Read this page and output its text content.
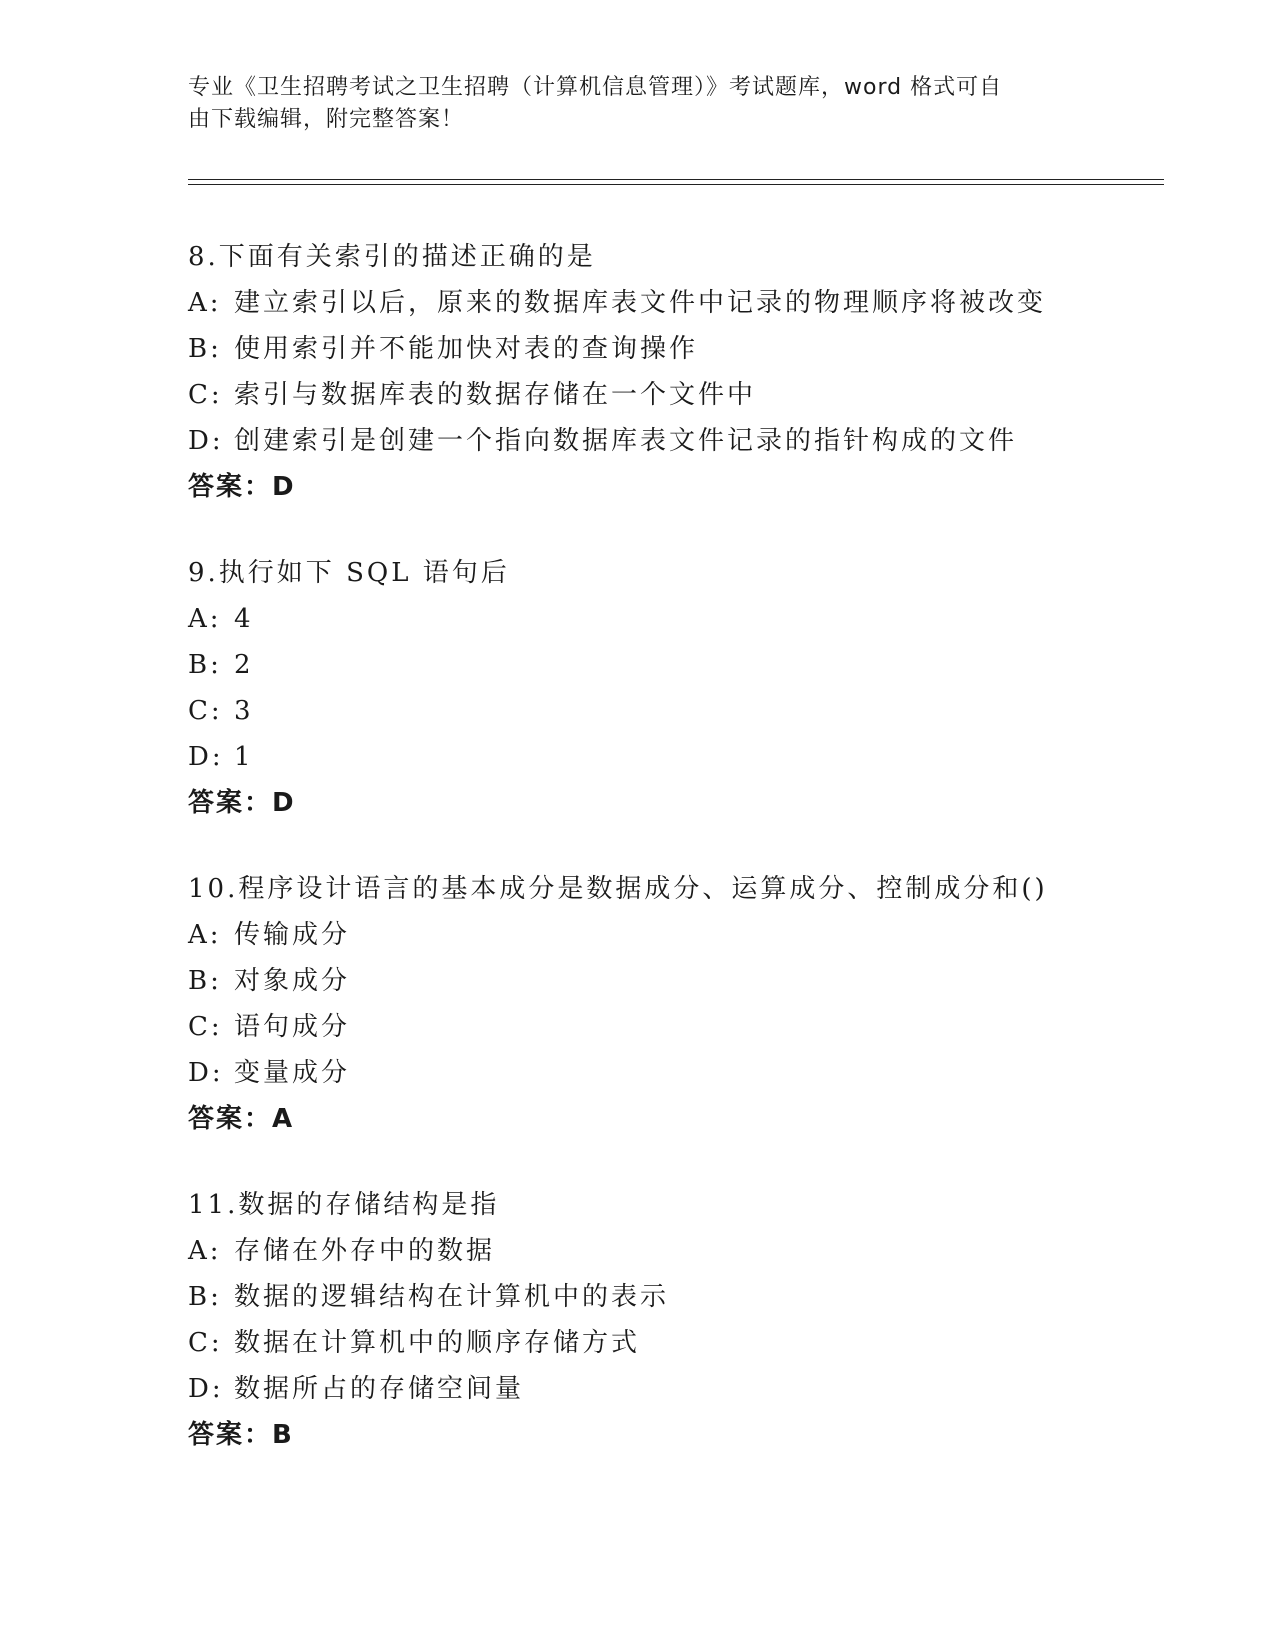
专业《卫生招聘考试之卫生招聘（计算机信息管理）》考试题库，word 格式可自
由下载编辑，附完整答案！
8.下面有关索引的描述正确的是
A: 建立索引以后，原来的数据库表文件中记录的物理顺序将被改变
B: 使用索引并不能加快对表的查询操作
C: 索引与数据库表的数据存储在一个文件中
D: 创建索引是创建一个指向数据库表文件记录的指针构成的文件
答案：D
9.执行如下 SQL 语句后
A: 4
B: 2
C: 3
D: 1
答案：D
10.程序设计语言的基本成分是数据成分、运算成分、控制成分和()
A: 传输成分
B: 对象成分
C: 语句成分
D: 变量成分
答案：A
11.数据的存储结构是指
A: 存储在外存中的数据
B: 数据的逻辑结构在计算机中的表示
C: 数据在计算机中的顺序存储方式
D: 数据所占的存储空间量
答案：B
